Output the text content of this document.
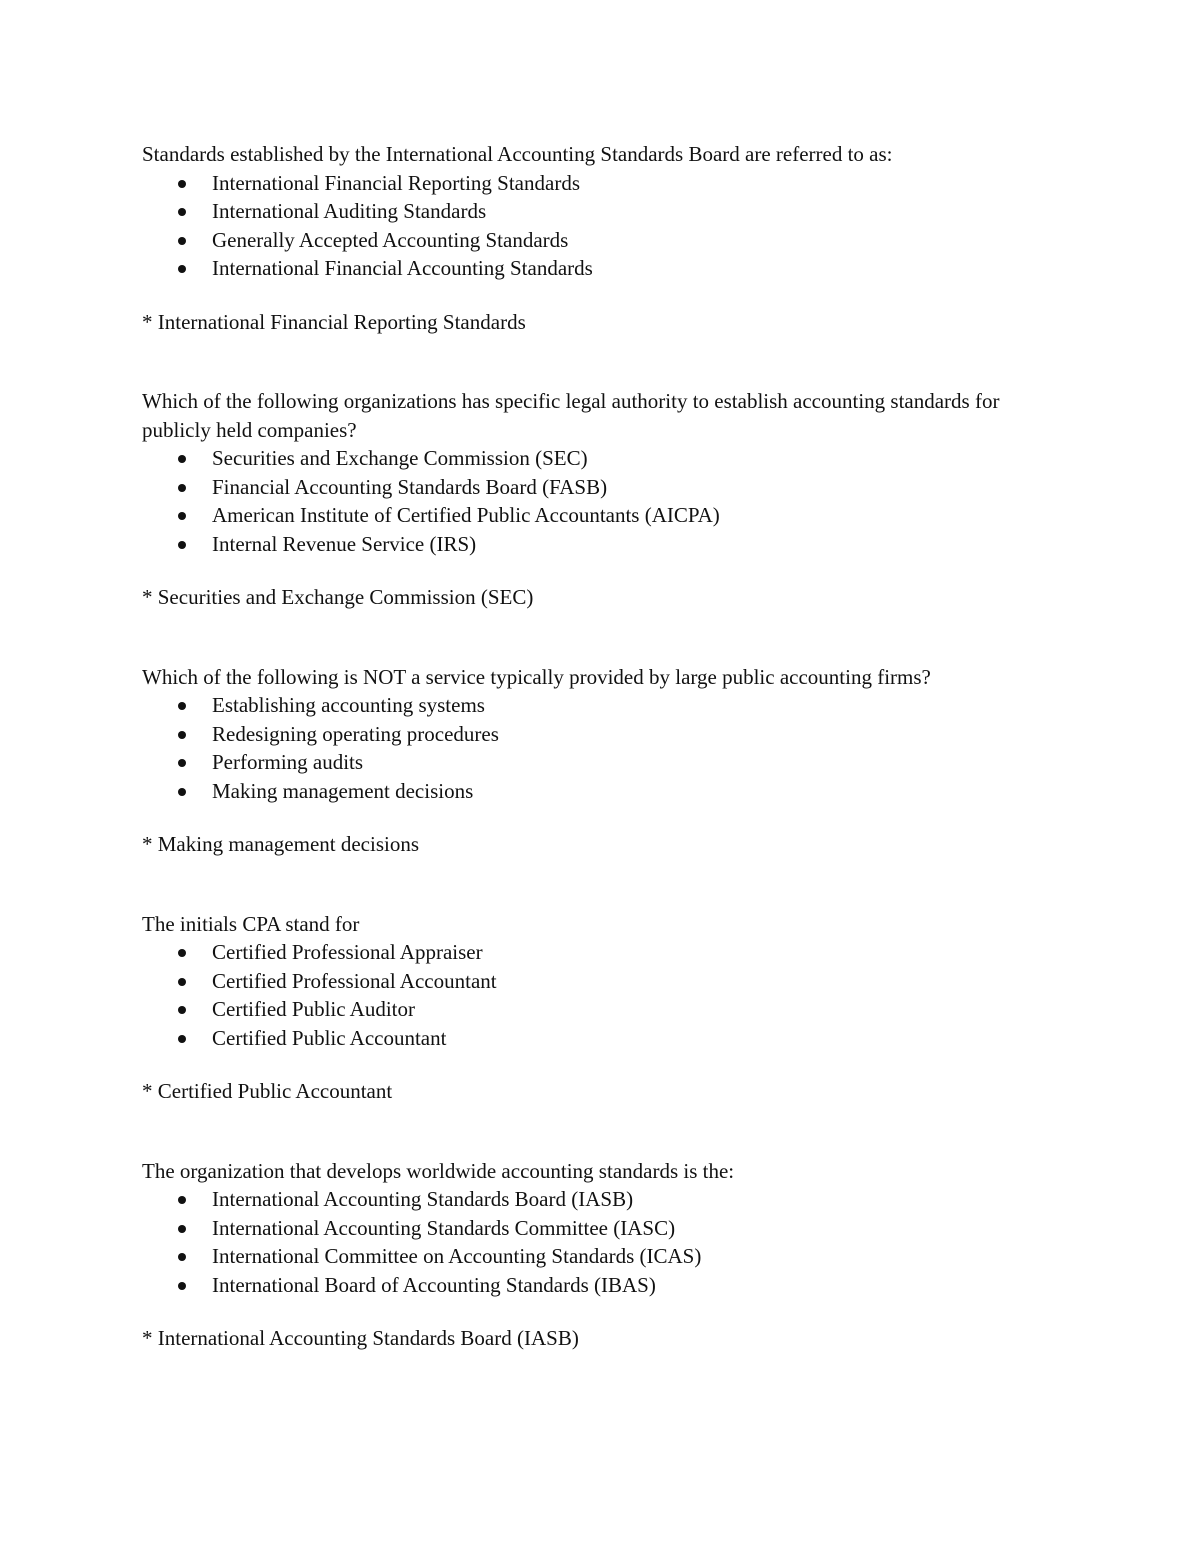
Standards established by the International Accounting Standards Board are referred to as:

International Financial Reporting Standards
International Auditing Standards
Generally Accepted Accounting Standards
International Financial Accounting Standards

* International Financial Reporting Standards

Which of the following organizations has specific legal authority to establish accounting standards for publicly held companies?

Securities and Exchange Commission (SEC)
Financial Accounting Standards Board (FASB)
American Institute of Certified Public Accountants (AICPA)
Internal Revenue Service (IRS)

* Securities and Exchange Commission (SEC)

Which of the following is NOT a service typically provided by large public accounting firms?

Establishing accounting systems
Redesigning operating procedures
Performing audits
Making management decisions

* Making management decisions

The initials CPA stand for

Certified Professional Appraiser
Certified Professional Accountant
Certified Public Auditor
Certified Public Accountant

* Certified Public Accountant

The organization that develops worldwide accounting standards is the:

International Accounting Standards Board (IASB)
International Accounting Standards Committee (IASC)
International Committee on Accounting Standards (ICAS)
International Board of Accounting Standards (IBAS)

* International Accounting Standards Board (IASB)
